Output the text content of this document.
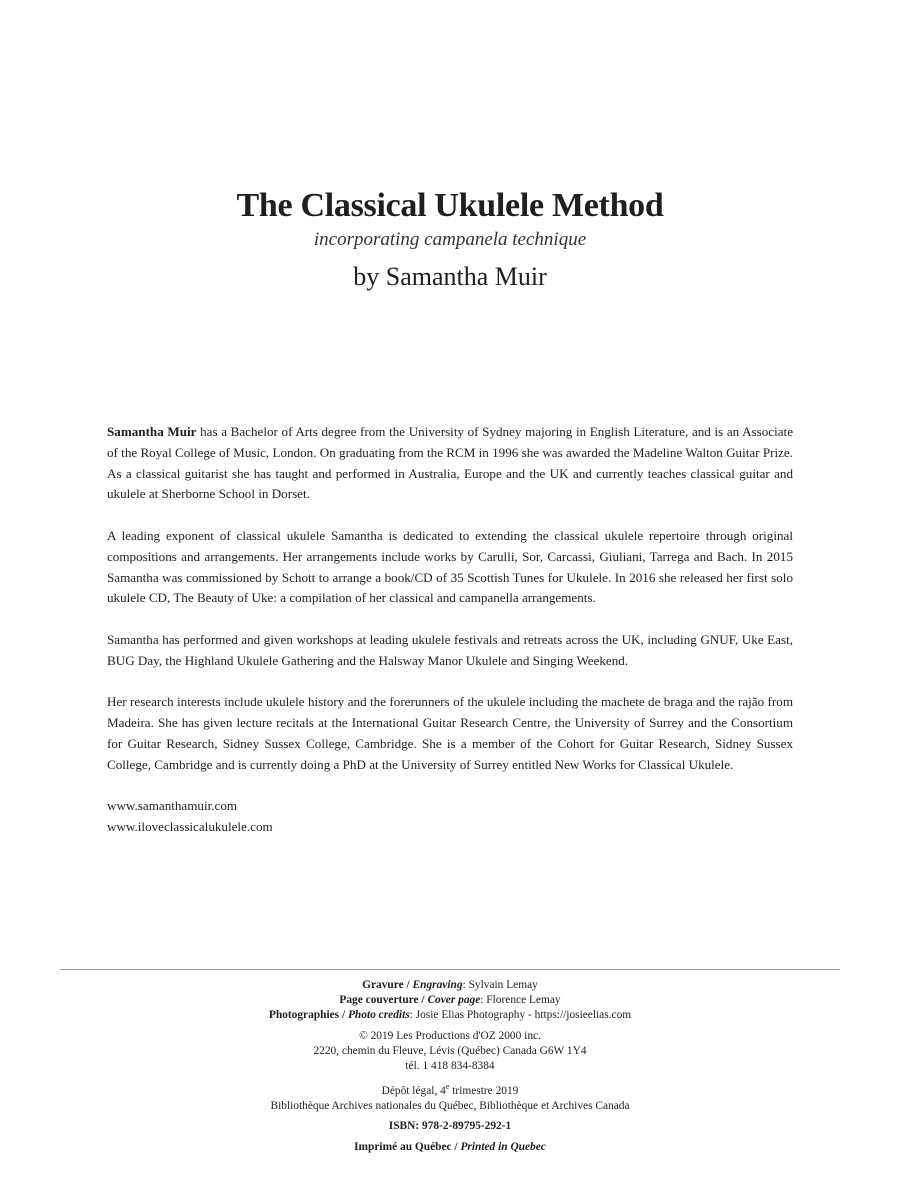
The Classical Ukulele Method

incorporating campanela technique

by Samantha Muir

Samantha Muir has a Bachelor of Arts degree from the University of Sydney majoring in English Literature, and is an Associate of the Royal College of Music, London. On graduating from the RCM in 1996 she was awarded the Madeline Walton Guitar Prize. As a classical guitarist she has taught and performed in Australia, Europe and the UK and currently teaches classical guitar and ukulele at Sherborne School in Dorset.

A leading exponent of classical ukulele Samantha is dedicated to extending the classical ukulele repertoire through original compositions and arrangements. Her arrangements include works by Carulli, Sor, Carcassi, Giuliani, Tarrega and Bach. In 2015 Samantha was commissioned by Schott to arrange a book/CD of 35 Scottish Tunes for Ukulele. In 2016 she released her first solo ukulele CD, The Beauty of Uke: a compilation of her classical and campanella arrangements.

Samantha has performed and given workshops at leading ukulele festivals and retreats across the UK, including GNUF, Uke East, BUG Day, the Highland Ukulele Gathering and the Halsway Manor Ukulele and Singing Weekend.

Her research interests include ukulele history and the forerunners of the ukulele including the machete de braga and the rajão from Madeira. She has given lecture recitals at the International Guitar Research Centre, the University of Surrey and the Consortium for Guitar Research, Sidney Sussex College, Cambridge. She is a member of the Cohort for Guitar Research, Sidney Sussex College, Cambridge and is currently doing a PhD at the University of Surrey entitled New Works for Classical Ukulele.

www.samanthamuir.com

www.iloveclassicalukulele.com

Gravure / Engraving: Sylvain Lemay

Page couverture / Cover page: Florence Lemay

Photographies / Photo credits: Josie Elias Photography - https://josieelias.com

© 2019 Les Productions d'OZ 2000 inc.

2220, chemin du Fleuve, Lévis (Québec) Canada G6W 1Y4

tél. 1 418 834-8384

Dépôt légal, 4e trimestre 2019

Bibliothèque Archives nationales du Québec, Bibliothèque et Archives Canada

ISBN: 978-2-89795-292-1

Imprimé au Québec / Printed in Quebec
